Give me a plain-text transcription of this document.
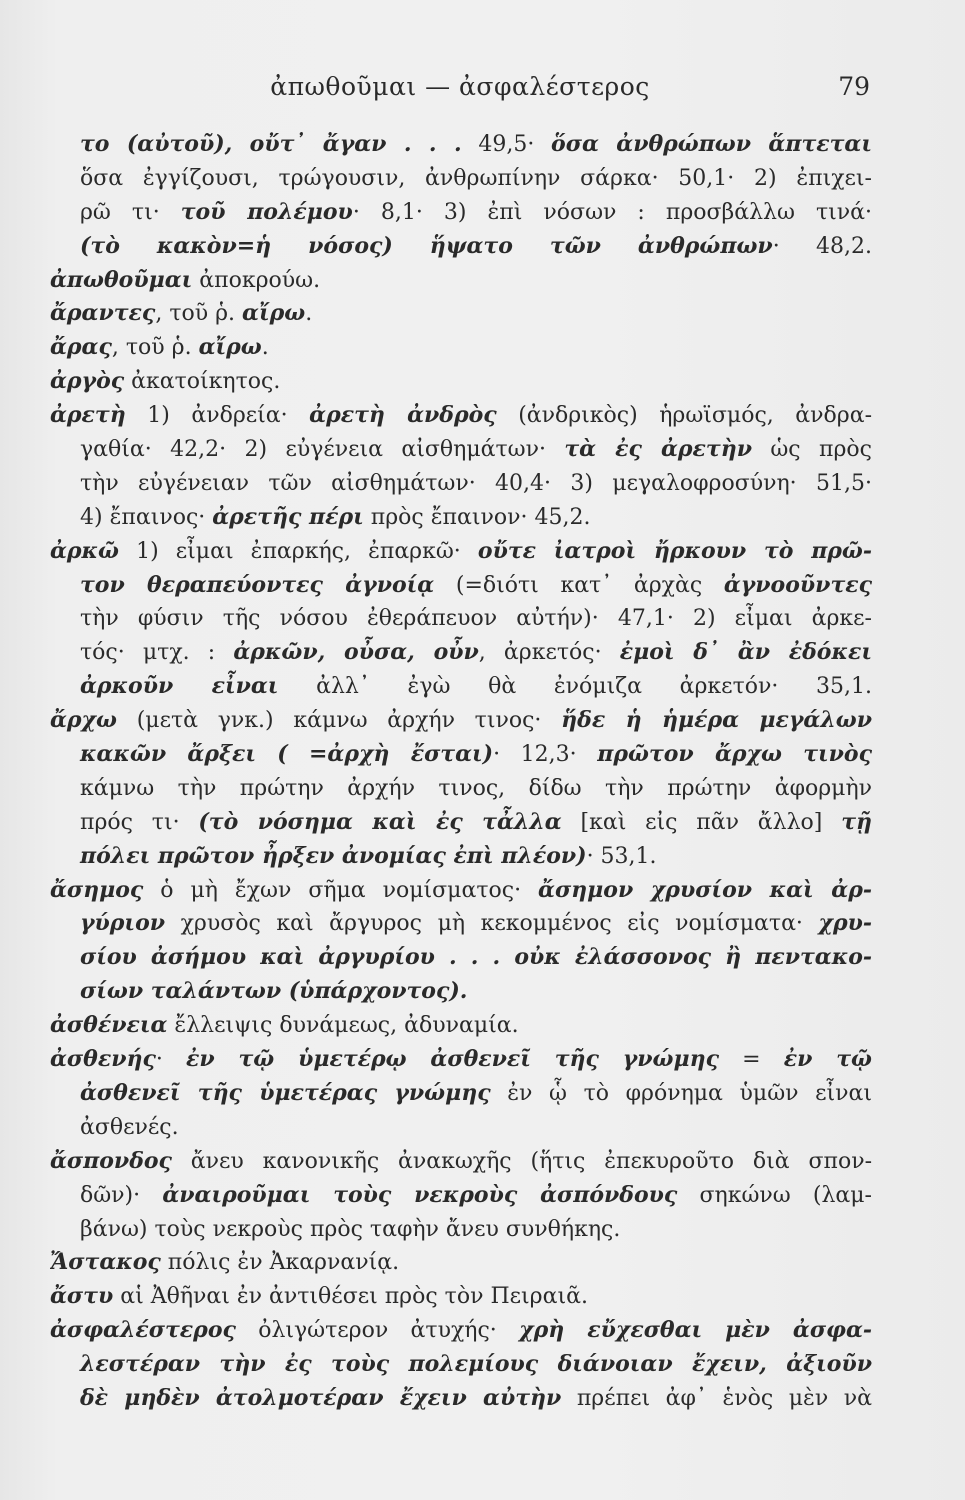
ἀπωθοῦμαι — ἀσφαλέστερος	79
το (αὐτοῦ), οὔτ᾽ ἄγαν . . . 49,5· ὅσα ἀνθρώπων ἅπτεται
ὅσα ἐγγίζουσι, τρώγουσιν, ἀνθρωπίνην σάρκα· 50,1· 2) ἐπιχει-
ρῶ τι· τοῦ πολέμου· 8,1· 3) ἐπὶ νόσων : προσβάλλω τινά·
(τὸ κακὸν=ἡ νόσος) ἥψατο τῶν ἀνθρώπων· 48,2.
ἀπωθοῦμαι ἀποκρούω.
ἄραντες, τοῦ ῥ. αἴρω.
ἄρας, τοῦ ῥ. αἴρω.
ἀργὸς ἀκατοίκητος.
ἀρετὴ 1) ἀνδρεία· ἀρετὴ ἀνδρὸς (ἀνδρικὸς) ἡρωϊσμός, ἀνδρα-
γαθία· 42,2· 2) εὐγένεια αἰσθημάτων· τὰ ἐς ἀρετὴν ὡς πρὸς
τὴν εὐγένειαν τῶν αἰσθημάτων· 40,4· 3) μεγαλοφροσύνη· 51,5·
4) ἔπαινος· ἀρετῆς πέρι πρὸς ἔπαινον· 45,2.
ἀρκῶ 1) εἶμαι ἐπαρκής, ἐπαρκῶ· οὔτε ἰατροὶ ἤρκουν τὸ πρῶ-
τον θεραπεύοντες ἀγνοίᾳ (=διότι κατ᾽ ἀρχὰς ἀγνοοῦντες
τὴν φύσιν τῆς νόσου ἐθεράπευον αὐτήν)· 47,1· 2) εἶμαι ἀρκε-
τός· μτχ. : ἀρκῶν, οὖσα, οὖν, ἀρκετός· ἐμοὶ δ᾽ ἂν ἐδόκει
ἀρκοῦν εἶναι ἀλλ᾽ ἐγὼ θὰ ἐνόμιζα ἀρκετόν· 35,1.
ἄρχω (μετὰ γνκ.) κάμνω ἀρχήν τινος· ἥδε ἡ ἡμέρα μεγάλων
κακῶν ἄρξει ( =ἀρχὴ ἔσται)· 12,3· πρῶτον ἄρχω τινὸς
κάμνω τὴν πρώτην ἀρχήν τινος, δίδω τὴν πρώτην ἀφορμὴν
πρός τι· (τὸ νόσημα καὶ ἐς τἆλλα [καὶ εἰς πᾶν ἄλλο] τῇ
πόλει πρῶτον ἦρξεν ἀνομίας ἐπὶ πλέον)· 53,1.
ἄσημος ὁ μὴ ἔχων σῆμα νομίσματος· ἄσημον χρυσίον καὶ ἀρ-
γύριον χρυσὸς καὶ ἄργυρος μὴ κεκομμένος εἰς νομίσματα· χρυ-
σίου ἀσήμου καὶ ἀργυρίου . . . οὐκ ἐλάσσονος ἢ πεντακο-
σίων ταλάντων (ὑπάρχοντος).
ἀσθένεια ἔλλειψις δυνάμεως, ἀδυναμία.
ἀσθενής· ἐν τῷ ὑμετέρῳ ἀσθενεῖ τῆς γνώμης = ἐν τῷ
ἀσθενεῖ τῆς ὑμετέρας γνώμης ἐν ᾧ τὸ φρόνημα ὑμῶν εἶναι
ἀσθενές.
ἄσπονδος ἄνευ κανονικῆς ἀνακωχῆς (ἥτις ἐπεκυροῦτο διὰ σπον-
δῶν)· ἀναιροῦμαι τοὺς νεκροὺς ἀσπόνδους σηκώνω (λαμ-
βάνω) τοὺς νεκροὺς πρὸς ταφὴν ἄνευ συνθήκης.
Ἄστακος πόλις ἐν Ἀκαρνανίᾳ.
ἄστυ αἱ Ἀθῆναι ἐν ἀντιθέσει πρὸς τὸν Πειραιᾶ.
ἀσφαλέστερος ὀλιγώτερον ἀτυχής· χρὴ εὔχεσθαι μὲν ἀσφα-
λεστέραν τὴν ἐς τοὺς πολεμίους διάνοιαν ἔχειν, ἀξιοῦν
δὲ μηδὲν ἀτολμοτέραν ἔχειν αὐτὴν πρέπει ἀφ᾽ ἑνὸς μὲν νὰ
